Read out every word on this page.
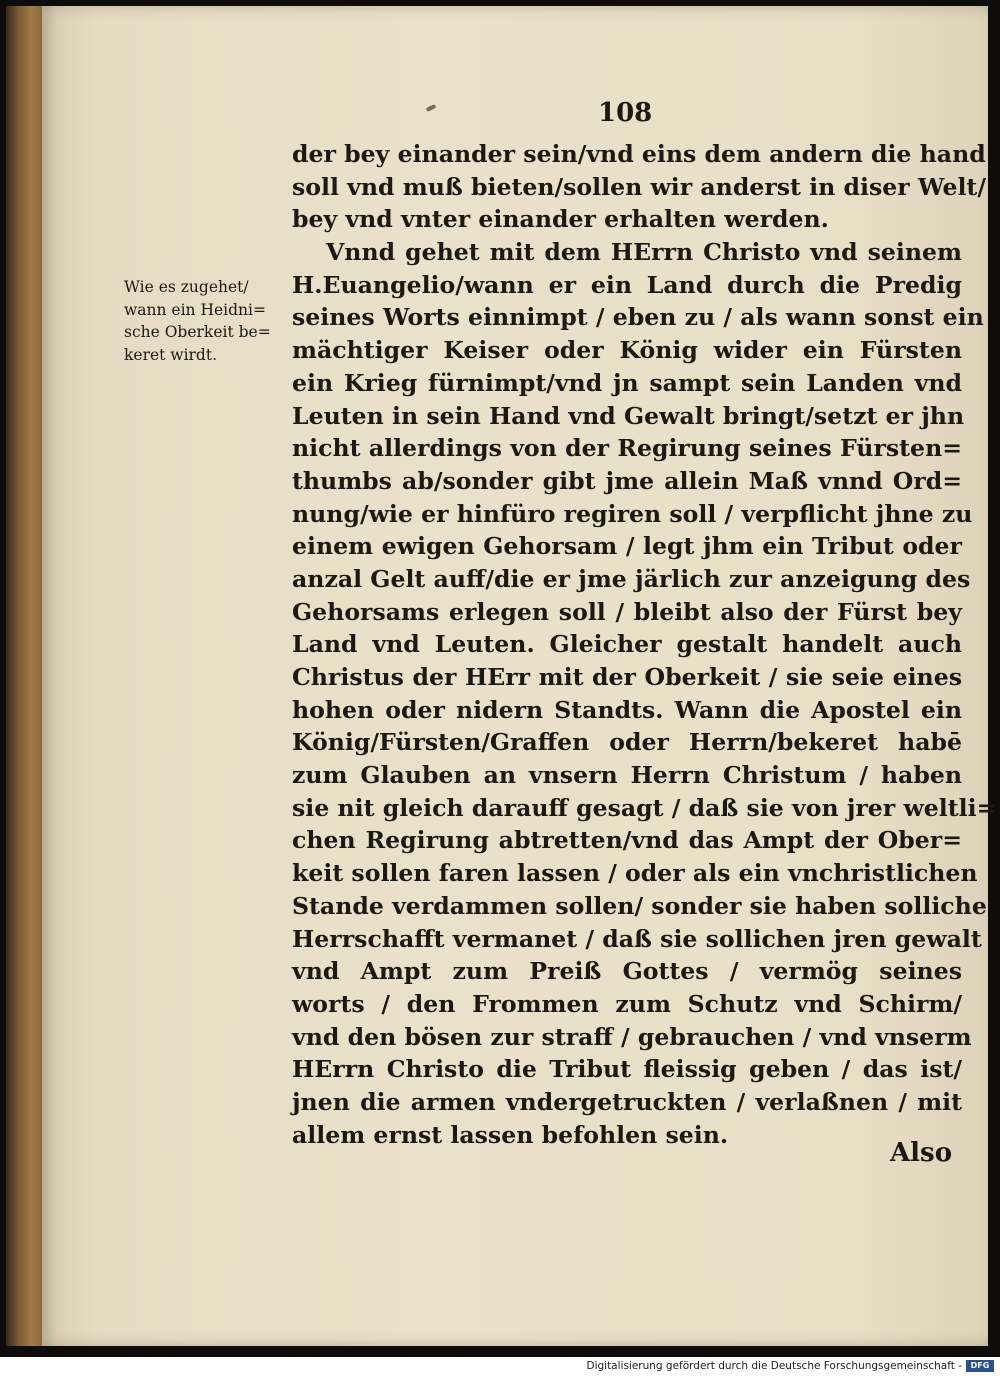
108
Wie es zugehet/
wann ein Heidni=
sche Oberkeit be=
keret wirdt.
der bey einander sein/vnd eins dem andern die hand
soll vnd muß bieten/sollen wir anderst in diser Welt/
bey vnd vnter einander erhalten werden.
Vnnd gehet mit dem HErrn Christo vnd seinem
H.Euangelio/wann er ein Land durch die Predig
seines Worts einnimpt / eben zu / als wann sonst ein
mächtiger Keiser oder König wider ein Fürsten
ein Krieg fürnimpt/vnd jn sampt sein Landen vnd
Leuten in sein Hand vnd Gewalt bringt/setzt er jhn
nicht allerdings von der Regirung seines Fürsten=
thumbs ab/sonder gibt jme allein Maß vnnd Ord=
nung/wie er hinfüro regiren soll / verpflicht jhne zu
einem ewigen Gehorsam / legt jhm ein Tribut oder
anzal Gelt auff/die er jme järlich zur anzeigung des
Gehorsams erlegen soll / bleibt also der Fürst bey
Land vnd Leuten. Gleicher gestalt handelt auch
Christus der HErr mit der Oberkeit / sie seie eines
hohen oder nidern Standts. Wann die Apostel ein
König/Fürsten/Graffen oder Herrn/bekeret habē
zum Glauben an vnsern Herrn Christum / haben
sie nit gleich darauff gesagt / daß sie von jrer weltli=
chen Regirung abtretten/vnd das Ampt der Ober=
keit sollen faren lassen / oder als ein vnchristlichen
Stande verdammen sollen/ sonder sie haben solliche
Herrschafft vermanet / daß sie sollichen jren gewalt
vnd Ampt zum Preiß Gottes / vermög seines
worts / den Frommen zum Schutz vnd Schirm/
vnd den bösen zur straff / gebrauchen / vnd vnserm
HErrn Christo die Tribut fleissig geben / das ist/
jnen die armen vndergetruckten / verlaßnen / mit
allem ernst lassen befohlen sein.
Also
Digitalisierung gefördert durch die Deutsche Forschungsgemeinschaft -	DFG
